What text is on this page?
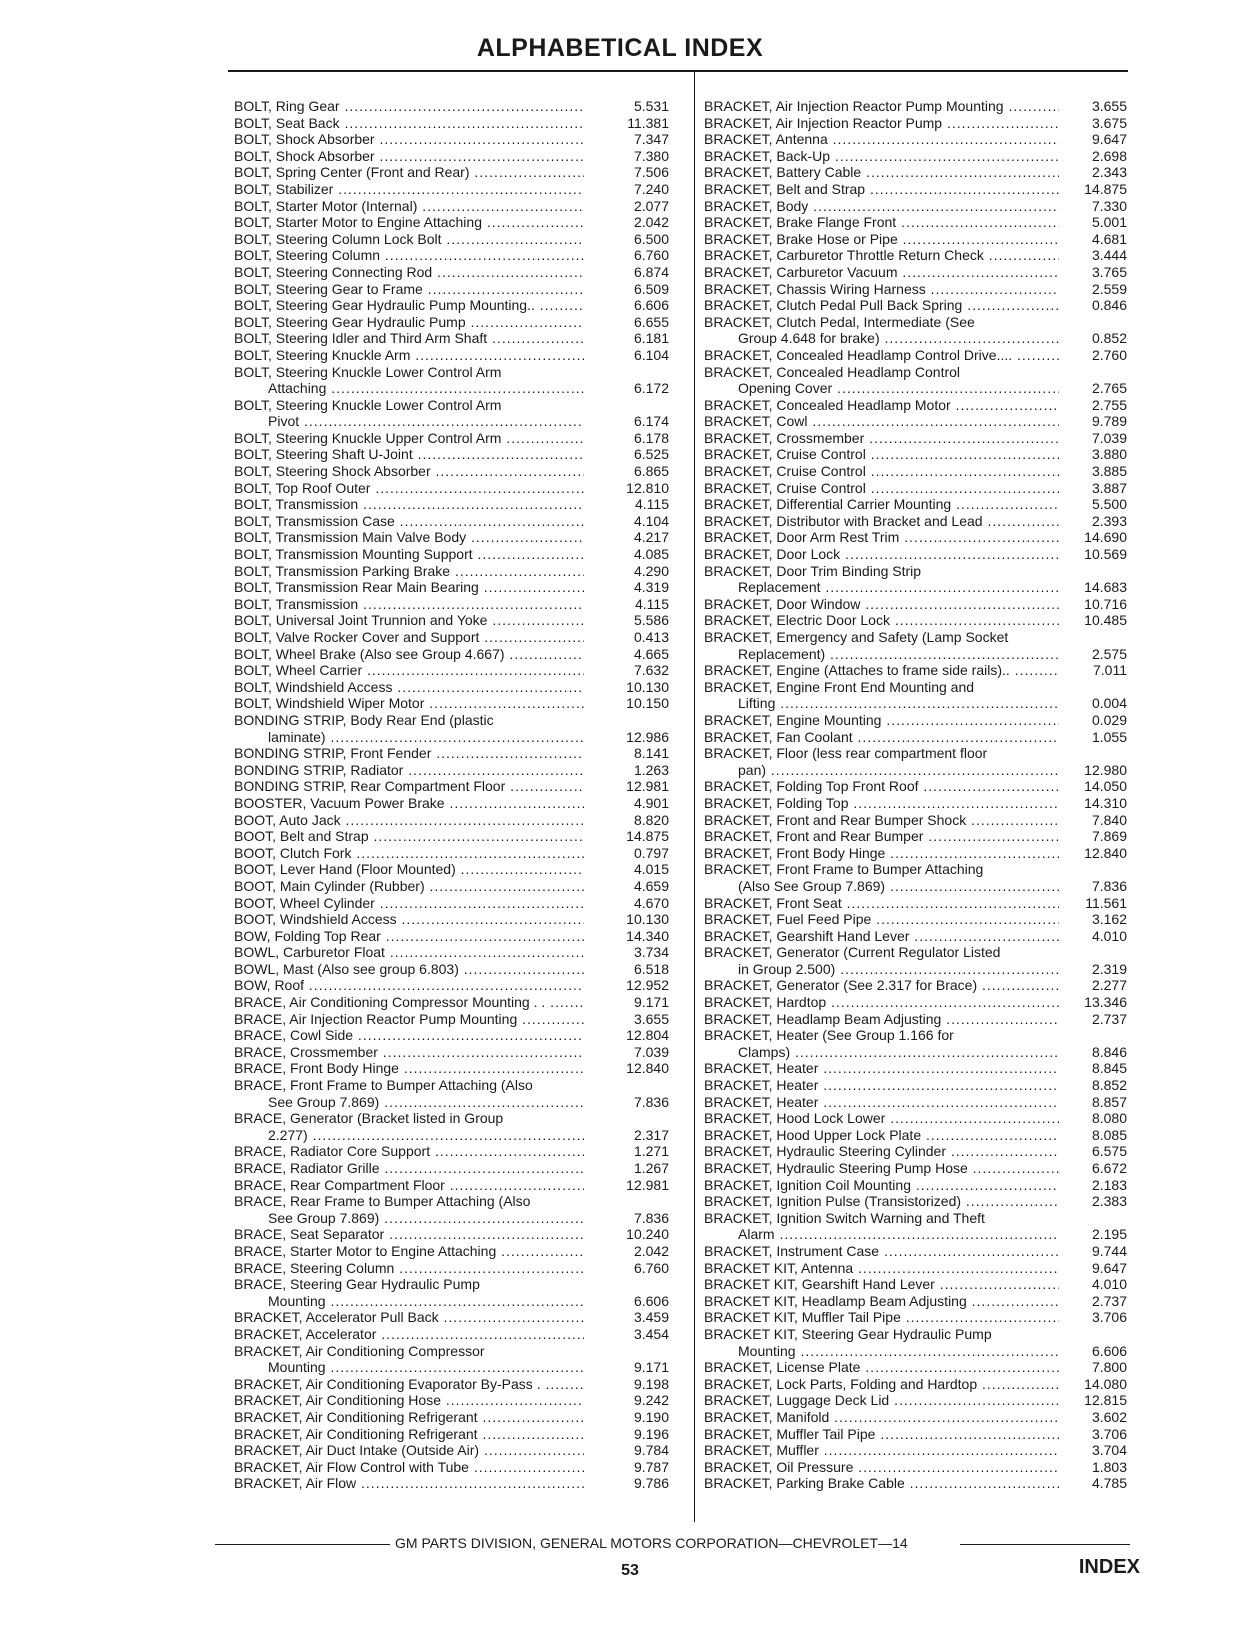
ALPHABETICAL INDEX
BOLT, Ring Gear .....	5.531
BOLT, Seat Back .....	11.381
BOLT, Shock Absorber .....	7.347
BOLT, Shock Absorber .....	7.380
BOLT, Spring Center (Front and Rear) .....	7.506
BOLT, Stabilizer .....	7.240
BOLT, Starter Motor (Internal) .....	2.077
BOLT, Starter Motor to Engine Attaching .....	2.042
BOLT, Steering Column Lock Bolt .....	6.500
BOLT, Steering Column .....	6.760
BOLT, Steering Connecting Rod .....	6.874
BOLT, Steering Gear to Frame .....	6.509
BOLT, Steering Gear Hydraulic Pump Mounting.. .....	6.606
BOLT, Steering Gear Hydraulic Pump .....	6.655
BOLT, Steering Idler and Third Arm Shaft .....	6.181
BOLT, Steering Knuckle Arm .....	6.104
BOLT, Steering Knuckle Lower Control Arm
Attaching .....	6.172
BOLT, Steering Knuckle Lower Control Arm
Pivot .....	6.174
BOLT, Steering Knuckle Upper Control Arm .....	6.178
BOLT, Steering Shaft U-Joint .....	6.525
BOLT, Steering Shock Absorber .....	6.865
BOLT, Top Roof Outer .....	12.810
BOLT, Transmission .....	4.115
BOLT, Transmission Case .....	4.104
BOLT, Transmission Main Valve Body .....	4.217
BOLT, Transmission Mounting Support .....	4.085
BOLT, Transmission Parking Brake .....	4.290
BOLT, Transmission Rear Main Bearing .....	4.319
BOLT, Transmission .....	4.115
BOLT, Universal Joint Trunnion and Yoke .....	5.586
BOLT, Valve Rocker Cover and Support .....	0.413
BOLT, Wheel Brake (Also see Group 4.667) .....	4.665
BOLT, Wheel Carrier .....	7.632
BOLT, Windshield Access .....	10.130
BOLT, Windshield Wiper Motor .....	10.150
BONDING STRIP, Body Rear End (plastic
laminate) .....	12.986
BONDING STRIP, Front Fender .....	8.141
BONDING STRIP, Radiator .....	1.263
BONDING STRIP, Rear Compartment Floor .....	12.981
BOOSTER, Vacuum Power Brake .....	4.901
BOOT, Auto Jack .....	8.820
BOOT, Belt and Strap .....	14.875
BOOT, Clutch Fork .....	0.797
BOOT, Lever Hand (Floor Mounted) .....	4.015
BOOT, Main Cylinder (Rubber) .....	4.659
BOOT, Wheel Cylinder .....	4.670
BOOT, Windshield Access .....	10.130
BOW, Folding Top Rear .....	14.340
BOWL, Carburetor Float .....	3.734
BOWL, Mast (Also see group 6.803) .....	6.518
BOW, Roof .....	12.952
BRACE, Air Conditioning Compressor Mounting . . .....	9.171
BRACE, Air Injection Reactor Pump Mounting .....	3.655
BRACE, Cowl Side .....	12.804
BRACE, Crossmember .....	7.039
BRACE, Front Body Hinge .....	12.840
BRACE, Front Frame to Bumper Attaching (Also
See Group 7.869) .....	7.836
BRACE, Generator (Bracket listed in Group
2.277) .....	2.317
BRACE, Radiator Core Support .....	1.271
BRACE, Radiator Grille .....	1.267
BRACE, Rear Compartment Floor .....	12.981
BRACE, Rear Frame to Bumper Attaching (Also
See Group 7.869) .....	7.836
BRACE, Seat Separator .....	10.240
BRACE, Starter Motor to Engine Attaching .....	2.042
BRACE, Steering Column .....	6.760
BRACE, Steering Gear Hydraulic Pump
Mounting .....	6.606
BRACKET, Accelerator Pull Back .....	3.459
BRACKET, Accelerator .....	3.454
BRACKET, Air Conditioning Compressor
Mounting .....	9.171
BRACKET, Air Conditioning Evaporator By-Pass . .....	9.198
BRACKET, Air Conditioning Hose .....	9.242
BRACKET, Air Conditioning Refrigerant .....	9.190
BRACKET, Air Conditioning Refrigerant .....	9.196
BRACKET, Air Duct Intake (Outside Air) .....	9.784
BRACKET, Air Flow Control with Tube .....	9.787
BRACKET, Air Flow .....	9.786
BRACKET, Air Injection Reactor Pump Mounting .....	3.655
BRACKET, Air Injection Reactor Pump .....	3.675
BRACKET, Antenna .....	9.647
BRACKET, Back-Up .....	2.698
BRACKET, Battery Cable .....	2.343
BRACKET, Belt and Strap .....	14.875
BRACKET, Body .....	7.330
BRACKET, Brake Flange Front .....	5.001
BRACKET, Brake Hose or Pipe .....	4.681
BRACKET, Carburetor Throttle Return Check .....	3.444
BRACKET, Carburetor Vacuum .....	3.765
BRACKET, Chassis Wiring Harness .....	2.559
BRACKET, Clutch Pedal Pull Back Spring .....	0.846
BRACKET, Clutch Pedal, Intermediate (See
Group 4.648 for brake) .....	0.852
BRACKET, Concealed Headlamp Control Drive.... .....	2.760
BRACKET, Concealed Headlamp Control
Opening Cover .....	2.765
BRACKET, Concealed Headlamp Motor .....	2.755
BRACKET, Cowl .....	9.789
BRACKET, Crossmember .....	7.039
BRACKET, Cruise Control .....	3.880
BRACKET, Cruise Control .....	3.885
BRACKET, Cruise Control .....	3.887
BRACKET, Differential Carrier Mounting .....	5.500
BRACKET, Distributor with Bracket and Lead .....	2.393
BRACKET, Door Arm Rest Trim .....	14.690
BRACKET, Door Lock .....	10.569
BRACKET, Door Trim Binding Strip
Replacement .....	14.683
BRACKET, Door Window .....	10.716
BRACKET, Electric Door Lock .....	10.485
BRACKET, Emergency and Safety (Lamp Socket
Replacement) .....	2.575
BRACKET, Engine (Attaches to frame side rails).. .....	7.011
BRACKET, Engine Front End Mounting and
Lifting .....	0.004
BRACKET, Engine Mounting .....	0.029
BRACKET, Fan Coolant .....	1.055
BRACKET, Floor (less rear compartment floor
pan) .....	12.980
BRACKET, Folding Top Front Roof .....	14.050
BRACKET, Folding Top .....	14.310
BRACKET, Front and Rear Bumper Shock .....	7.840
BRACKET, Front and Rear Bumper .....	7.869
BRACKET, Front Body Hinge .....	12.840
BRACKET, Front Frame to Bumper Attaching
(Also See Group 7.869) .....	7.836
BRACKET, Front Seat .....	11.561
BRACKET, Fuel Feed Pipe .....	3.162
BRACKET, Gearshift Hand Lever .....	4.010
BRACKET, Generator (Current Regulator Listed
in Group 2.500) .....	2.319
BRACKET, Generator (See 2.317 for Brace) .....	2.277
BRACKET, Hardtop .....	13.346
BRACKET, Headlamp Beam Adjusting .....	2.737
BRACKET, Heater (See Group 1.166 for
Clamps) .....	8.846
BRACKET, Heater .....	8.845
BRACKET, Heater .....	8.852
BRACKET, Heater .....	8.857
BRACKET, Hood Lock Lower .....	8.080
BRACKET, Hood Upper Lock Plate .....	8.085
BRACKET, Hydraulic Steering Cylinder .....	6.575
BRACKET, Hydraulic Steering Pump Hose .....	6.672
BRACKET, Ignition Coil Mounting .....	2.183
BRACKET, Ignition Pulse (Transistorized) .....	2.383
BRACKET, Ignition Switch Warning and Theft
Alarm .....	2.195
BRACKET, Instrument Case .....	9.744
BRACKET KIT, Antenna .....	9.647
BRACKET KIT, Gearshift Hand Lever .....	4.010
BRACKET KIT, Headlamp Beam Adjusting .....	2.737
BRACKET KIT, Muffler Tail Pipe .....	3.706
BRACKET KIT, Steering Gear Hydraulic Pump
Mounting .....	6.606
BRACKET, License Plate .....	7.800
BRACKET, Lock Parts, Folding and Hardtop .....	14.080
BRACKET, Luggage Deck Lid .....	12.815
BRACKET, Manifold .....	3.602
BRACKET, Muffler Tail Pipe .....	3.706
BRACKET, Muffler .....	3.704
BRACKET, Oil Pressure .....	1.803
BRACKET, Parking Brake Cable .....	4.785
GM PARTS DIVISION, GENERAL MOTORS CORPORATION—CHEVROLET—14
53	INDEX
